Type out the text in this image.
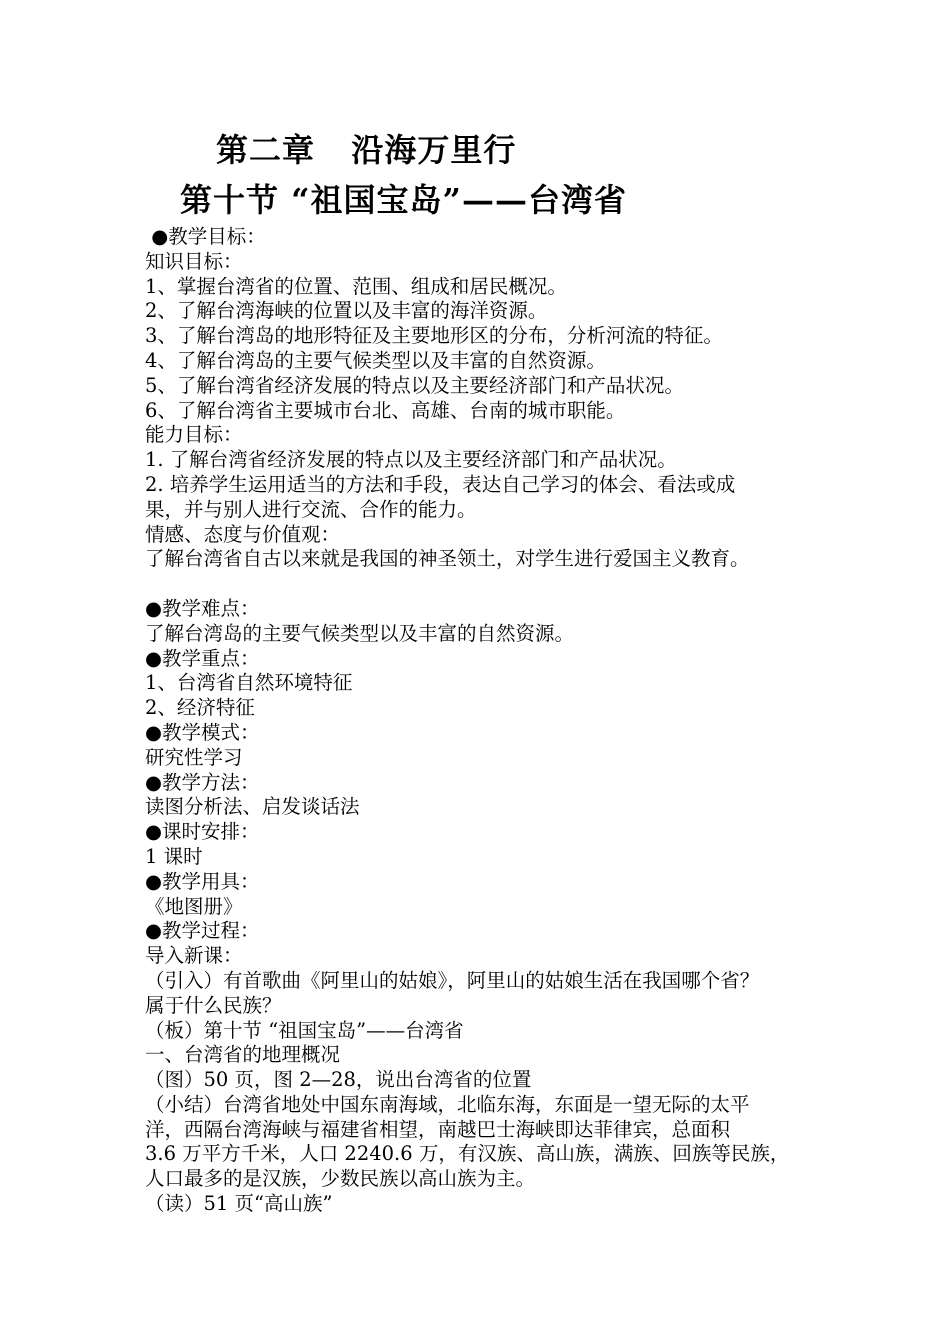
第二章   沿海万里行
第十节 “祖国宝岛”——台湾省
●教学目标：
知识目标：
1、掌握台湾省的位置、范围、组成和居民概况。
2、了解台湾海峡的位置以及丰富的海洋资源。
3、了解台湾岛的地形特征及主要地形区的分布，分析河流的特征。
4、了解台湾岛的主要气候类型以及丰富的自然资源。
5、了解台湾省经济发展的特点以及主要经济部门和产品状况。
6、了解台湾省主要城市台北、高雄、台南的城市职能。
能力目标：
1. 了解台湾省经济发展的特点以及主要经济部门和产品状况。
2. 培养学生运用适当的方法和手段，表达自己学习的体会、看法或成
果，并与别人进行交流、合作的能力。
情感、态度与价值观：
了解台湾省自古以来就是我国的神圣领土，对学生进行爱国主义教育。
●教学难点：
了解台湾岛的主要气候类型以及丰富的自然资源。
●教学重点：
1、台湾省自然环境特征
2、经济特征
●教学模式：
研究性学习
●教学方法：
读图分析法、启发谈话法
●课时安排：
1 课时
●教学用具：
《地图册》
●教学过程：
导入新课：
（引入）有首歌曲《阿里山的姑娘》，阿里山的姑娘生活在我国哪个省？
属于什么民族？
（板）第十节 “祖国宝岛”——台湾省
一、台湾省的地理概况
（图）50 页，图 2—28，说出台湾省的位置
（小结）台湾省地处中国东南海域，北临东海，东面是一望无际的太平
洋，西隔台湾海峡与福建省相望，南越巴士海峡即达菲律宾，总面积
3.6 万平方千米，人口 2240.6 万，有汉族、高山族，满族、回族等民族，
人口最多的是汉族，少数民族以高山族为主。
（读）51 页“高山族”
